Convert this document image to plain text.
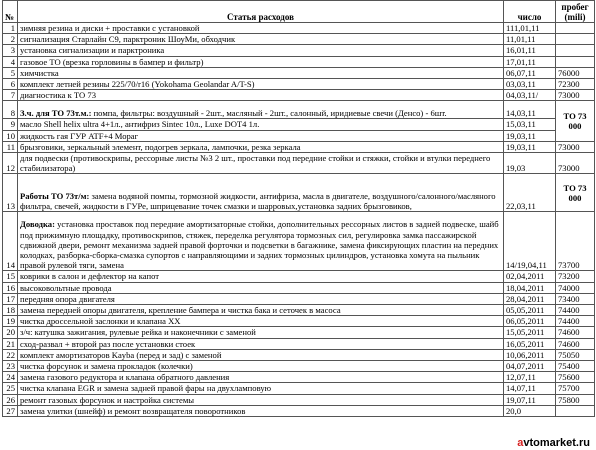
№	Статья расходов	число	пробег (mili)
1	зимняя резина и диски + проставки с установкой	111,01,11	
2	сигнализация Старлайн С9, парктроник ШоуМи, обходчик	11,01,11	
3	установка сигнализации и парктроника	16,01,11	
4	газовое ТО (врезка горловины в бампер и фильтр)	17,01,11	
5	химчистка	06,07,11	76000
6	комплект летней резины 225/70/r16 (Yokohama Geolandar A/T-S)	03,03,11	72300
7	диагностика к ТО 73	04,03,11/	73000
8	З.ч. для ТО 73т.м.: помпа, фильтры: воздушный - 2шт., масляный - 2шт., салонный, иридиевые свечи (Денсо) - 6шт.	14,03,11	ТО 73 000
9	масло Shell helix ultra 4+1л., антифриз Sintec 10л., Luxe DOT4 1л.	15,03,11	
10	жидкость гая ГУР ATF+4 Мораг	19,03,11	
11	брызговики, зеркальный элемент, подогрев зеркала, лампочки, резка зеркала	19,03,11	73000
12	для подвески (противоскрипы, рессорные листы №3 2 шт., проставки под передние стойки и стяжки, стойки и втулки переднего стабилизатора)	19,03	73000
13	Работы ТО 73т/м: замена водяной помпы, тормозной жидкости, антифриза, масла в двигателе, воздушного/салонного/масляного фильтра, свечей, жидкости в ГУРе, шприцевание точек смазки и шарровых,установка задних брызговиков,	22,03,11	ТО 73 000
14	Доводка: установка проставок под передние амортизаторные стойки, дополнительных рессорных листов в задней подвеске, шайб под прижимную площадку, противоскрипов, стяжек, переделка регулятора тормозных сил, регулировка замка пассажирской сдвижной двери, ремонт механизма задней правой форточки и подсветки в багажнике, замена фиксирующих пластин на передних колодках, разборка-сборка-смазка супортов с направляющими и задних тормозных цилиндров, установка хомута на пыльник правой рулевой тяги, замена	14/19,04,11	73700
15	коврики в салон и дефлектор на капот	02,04,2011	73200
16	высоковольтные провода	18,04,2011	74000
17	передняя опора двигателя	28,04,2011	73400
18	замена передней опоры двигателя, крепление бампера и чистка бака и сеточек в масоса	05,05,2011	74400
19	чистка дроссельной заслонки и клапана ХХ	06,05,2011	74400
20	з/ч: катушка зажигания, рулевые рейка и наконечники с заменой	15,05,2011	74600
21	сход-развал + второй раз после установки стоек	16,05,2011	74600
22	комплект амортизаторов Kayba (перед и зад) с заменой	10,06,2011	75050
23	чистка форсунок и замена прокладок (колечки)	04,07,2011	75400
24	замена газового редуктора и клапана обратного давления	12,07,11	75600
25	чистка клапана EGR и замена задней правой фары на двухламповую	14,07,11	75700
26	ремонт газовых форсунок и настройка системы	19,07,11	75800
27	замена улитки (шнейф) и ремонт возвращателя поворотников	20,0	
avtomarket.ru
